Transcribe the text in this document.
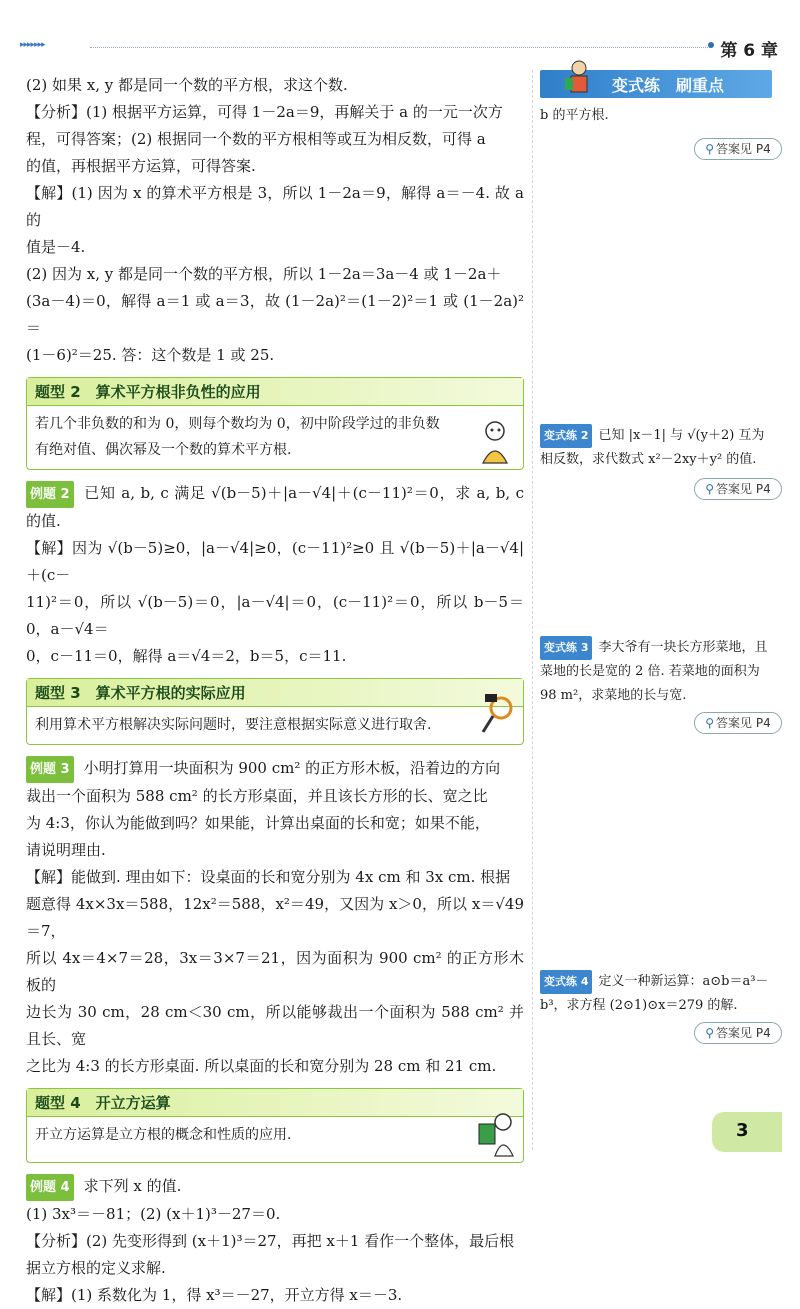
▸▸▸▸▸▸▸	第 6 章
(2) 如果 x, y 都是同一个数的平方根，求这个数.
【分析】(1) 根据平方运算，可得 1－2a＝9，再解关于 a 的一元一次方
程，可得答案；(2) 根据同一个数的平方根相等或互为相反数，可得 a
的值，再根据平方运算，可得答案.
【解】(1) 因为 x 的算术平方根是 3，所以 1－2a＝9，解得 a＝－4. 故 a 的
值是－4.
(2) 因为 x, y 都是同一个数的平方根，所以 1－2a＝3a－4 或 1－2a＋
(3a－4)＝0，解得 a＝1 或 a＝3，故 (1－2a)²＝(1－2)²＝1 或 (1－2a)²＝
(1－6)²＝25. 答：这个数是 1 或 25.
题型 2　算术平方根非负性的应用
若几个非负数的和为 0，则每个数均为 0，初中阶段学过的非负数有绝对值、偶次幂及一个数的算术平方根.
例题 2 已知 a, b, c 满足 √(b－5)＋|a－√4|＋(c－11)²＝0，求 a, b, c 的值.
【解】因为 √(b－5)≥0，|a－√4|≥0，(c－11)²≥0 且 √(b－5)＋|a－√4|＋(c－
11)²＝0，所以 √(b－5)＝0，|a－√4|＝0，(c－11)²＝0，所以 b－5＝0，a－√4＝
0，c－11＝0，解得 a＝√4＝2，b＝5，c＝11.
题型 3　算术平方根的实际应用
利用算术平方根解决实际问题时，要注意根据实际意义进行取舍.
例题 3 小明打算用一块面积为 900 cm² 的正方形木板，沿着边的方向
裁出一个面积为 588 cm² 的长方形桌面，并且该长方形的长、宽之比
为 4:3，你认为能做到吗？如果能，计算出桌面的长和宽；如果不能，
请说明理由.
【解】能做到. 理由如下：设桌面的长和宽分别为 4x cm 和 3x cm. 根据
题意得 4x×3x＝588，12x²＝588，x²＝49，又因为 x＞0，所以 x＝√49＝7，
所以 4x＝4×7＝28，3x＝3×7＝21，因为面积为 900 cm² 的正方形木板的
边长为 30 cm，28 cm＜30 cm，所以能够裁出一个面积为 588 cm² 并且长、宽
之比为 4:3 的长方形桌面. 所以桌面的长和宽分别为 28 cm 和 21 cm.
题型 4　开立方运算
开立方运算是立方根的概念和性质的应用.
例题 4 求下列 x 的值.
(1) 3x³＝－81；(2) (x＋1)³－27＝0.
【分析】(2) 先变形得到 (x＋1)³＝27，再把 x＋1 看作一个整体，最后根
据立方根的定义求解.
【解】(1) 系数化为 1，得 x³＝－27，开立方得 x＝－3.
变式练　刷重点
b 的平方根.
⚲ 答案见 P4
变式练 2 已知 |x－1| 与 √(y＋2) 互为相反数，求代数式 x²－2xy＋y² 的值.
⚲ 答案见 P4
变式练 3 李大爷有一块长方形菜地，且菜地的长是宽的 2 倍. 若菜地的面积为 98 m²，求菜地的长与宽.
⚲ 答案见 P4
变式练 4 定义一种新运算：a⊙b＝a³－b³，求方程 (2⊙1)⊙x＝279 的解.
⚲ 答案见 P4
3
